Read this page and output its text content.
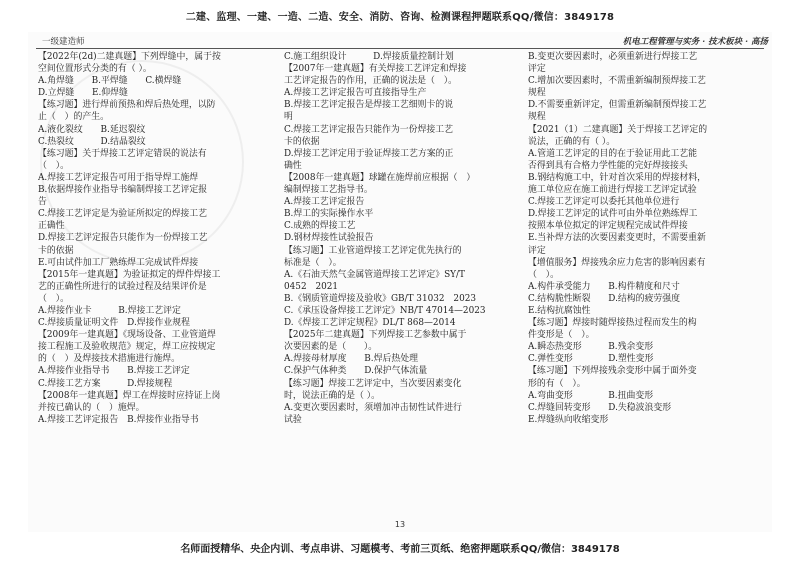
二建、监理、一建、一造、二造、安全、消防、咨询、检测课程押题联系QQ/微信：3849178
一级建造师	机电工程管理与实务 · 技术板块 · 高扬

【2022年(2d)二建真题】下列焊缝中，属于按

空间位置形式分类的有（ ）。

A.角焊缝　　B.平焊缝　　C.横焊缝

D.立焊缝　　E.仰焊缝

【练习题】进行焊前预热和焊后热处理，以防

止（　）的产生。

A.液化裂纹　　B.延迟裂纹

C.热裂纹　　　D.结晶裂纹

【练习题】关于焊接工艺评定错误的说法有

（　）。

A.焊接工艺评定报告可用于指导焊工施焊

B.依据焊接作业指导书编制焊接工艺评定报

告

C.焊接工艺评定是为验证所拟定的焊接工艺

正确性

D.焊接工艺评定报告只能作为一份焊接工艺

卡的依据

E.可由试件加工厂熟练焊工完成试件焊接

【2015年一建真题】为验证拟定的焊件焊接工

艺的正确性所进行的试验过程及结果评价是

（　）。

A.焊接作业卡　　　B.焊接工艺评定

C.焊接质量证明文件　D.焊接作业规程

【2009年一建真题】《现场设备、工业管道焊

接工程施工及验收规范》规定，焊工应按规定

的（　）及焊接技术措施进行施焊。

A.焊接作业指导书　　B.焊接工艺评定

C.焊接工艺方案　　　D.焊接规程

【2008年一建真题】焊工在焊接时应持证上岗

并按已确认的（　）施焊。

A.焊接工艺评定报告　B.焊接作业指导书

C.施工组织设计　　　D.焊接质量控制计划

【2007年一建真题】有关焊接工艺评定和焊接

工艺评定报告的作用，正确的说法是（　）。

A.焊接工艺评定报告可直接指导生产

B.焊接工艺评定报告是焊接工艺细则卡的说

明

C.焊接工艺评定报告只能作为一份焊接工艺

卡的依据

D.焊接工艺评定用于验证焊接工艺方案的正

确性

【2008年一建真题】球罐在施焊前应根据（　）

编制焊接工艺指导书。

A.焊接工艺评定报告

B.焊工的实际操作水平

C.成熟的焊接工艺

D.钢材焊接性试验报告

【练习题】工业管道焊接工艺评定优先执行的

标准是（　）。

A.《石油天然气金属管道焊接工艺评定》SY/T

0452　2021

B.《钢质管道焊接及验收》GB/T 31032　2023

C.《承压设备焊接工艺评定》NB/T 47014—2023

D.《焊接工艺评定规程》DL/T 868—2014

【2025年二建真题】下列焊接工艺参数中属于

次要因素的是（　　）。

A.焊接母材厚度　　B.焊后热处理

C.保护气体种类　　D.保护气体流量

【练习题】焊接工艺评定中，当次要因素变化

时，说法正确的是（ ）。

A.变更次要因素时，须增加冲击韧性试件进行

试验

B.变更次要因素时，必须重新进行焊接工艺

评定

C.增加次要因素时，不需重新编制预焊接工艺

规程

D.不需要重新评定，但需重新编制预焊接工艺

规程

【2021（1）二建真题】关于焊接工艺评定的

说法，正确的有（ ）。

A.管道工艺评定的目的在于验证用此工艺能

否得到具有合格力学性能的完好焊接接头

B.钢结构施工中，针对首次采用的焊接材料，

施工单位应在施工前进行焊接工艺评定试验

C.焊接工艺评定可以委托其他单位进行

D.焊接工艺评定的试件可由外单位熟练焊工

按照本单位拟定的评定规程完成试件焊接

E.当补焊方法的次要因素变更时，不需要重新

评定

【增值服务】焊接残余应力危害的影响因素有

（　）。

A.构件承受能力　　B.构件精度和尺寸

C.结构脆性断裂　　D.结构的疲劳强度

E.结构抗腐蚀性

【练习题】焊接时随焊接热过程而发生的构

件变形是（　）。

A.瞬态热变形　　　B.残余变形

C.弹性变形　　　　D.塑性变形

【练习题】下列焊接残余变形中属于面外变

形的有（　）。

A.弯曲变形　　　　B.扭曲变形

C.焊缝回转变形　　D.失稳波浪变形

E.焊缝纵向收缩变形

13
名师面授精华、央企内训、考点串讲、习题模考、考前三页纸、绝密押题联系QQ/微信：3849178
